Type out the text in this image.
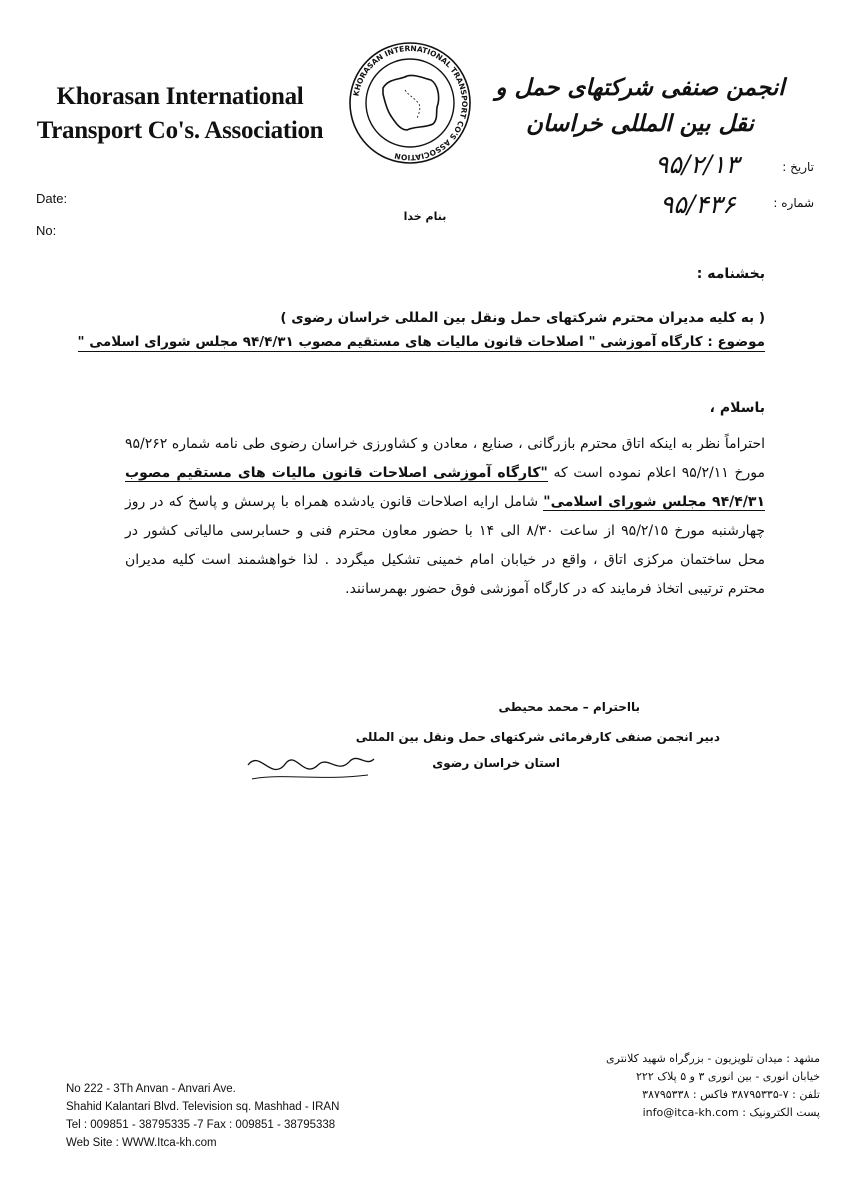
Khorasan International
Transport Co's. Association
KHORASAN INTERNATIONAL TRANSPORT CO'S ASSOCIATION
انجمن صنفی شرکتهای حمل و نقل بین المللی خراسان
Date:
No:
تاریخ :
شماره :
۹۵/۲/۱۳
۹۵/۴۳۶
بنام خدا
بخشنامه :
( به کلیه مدیران محترم شرکتهای حمل ونقل بین المللی خراسان رضوی )
موضوع : کارگاه آموزشی " اصلاحات قانون مالیات های مستقیم مصوب ۹۴/۴/۳۱ مجلس شورای اسلامی "
باسلام ،
احتراماً نظر به اینکه اتاق محترم بازرگانی ، صنایع ، معادن و کشاورزی خراسان رضوی طی نامه شماره ۹۵/۲۶۲ مورخ ۹۵/۲/۱۱ اعلام نموده است که "کارگاه آموزشی اصلاحات قانون مالیات های مستقیم مصوب ۹۴/۴/۳۱ مجلس شورای اسلامی" شامل ارایه اصلاحات قانون یادشده همراه با پرسش و پاسخ که در روز چهارشنبه مورخ ۹۵/۲/۱۵ از ساعت ۸/۳۰ الی ۱۴ با حضور معاون محترم فنی و حسابرسی مالیاتی کشور در محل ساختمان مرکزی اتاق ، واقع در خیابان امام خمینی تشکیل میگردد . لذا خواهشمند است کلیه مدیران محترم ترتیبی اتخاذ فرمایند که در کارگاه آموزشی فوق حضور بهمرسانند.
بااحترام – محمد محیطی
دبیر انجمن صنفی کارفرمائی شرکتهای حمل ونقل بین المللی
استان خراسان رضوی
No 222 - 3Th Anvan - Anvari Ave.
Shahid Kalantari Blvd. Television sq. Mashhad - IRAN
Tel : 009851 - 38795335 -7 Fax : 009851 - 38795338
Web Site : WWW.Itca-kh.com
مشهد : میدان تلویزیون - بزرگراه شهید کلانتری
خیابان انوری - بین انوری ۳ و ۵ پلاک ۲۲۲
تلفن : ۷-۳۸۷۹۵۳۳۵ فاکس : ۳۸۷۹۵۳۳۸
پست الکترونیک : info@itca-kh.com
